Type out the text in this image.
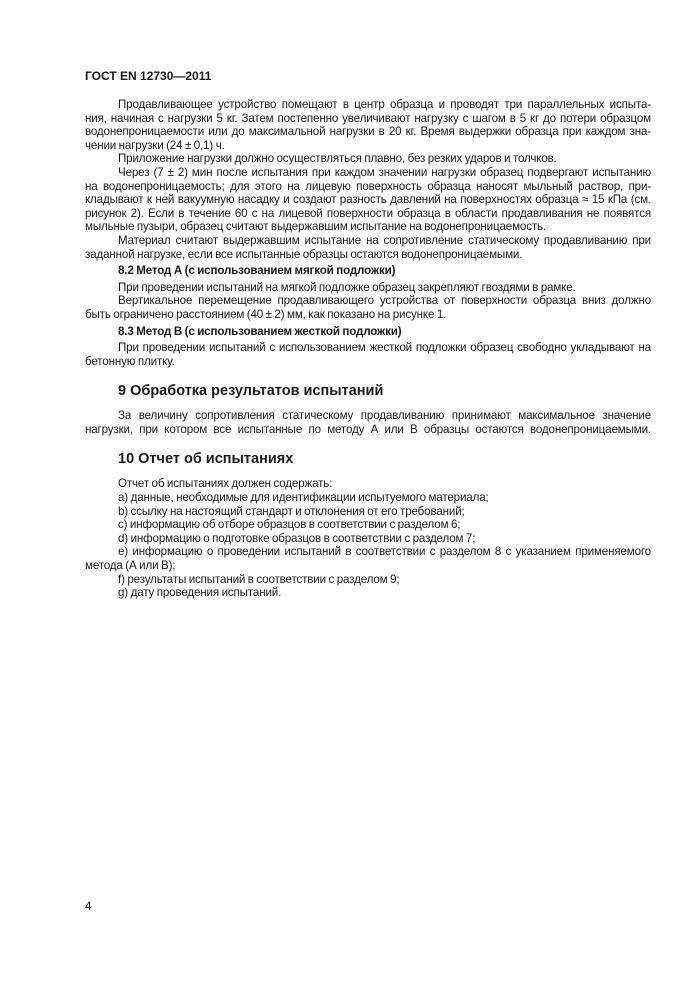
ГОСТ EN 12730—2011
Продавливающее устройство помещают в центр образца и проводят три параллельных испыта-
ния, начиная с нагрузки 5 кг. Затем постепенно увеличивают нагрузку с шагом в 5 кг до потери образцом
водонепроницаемости или до максимальной нагрузки в 20 кг. Время выдержки образца при каждом зна-
чении нагрузки (24 ± 0,1) ч.
Приложение нагрузки должно осуществляться плавно, без резких ударов и толчков.
Через (7 ± 2) мин после испытания при каждом значении нагрузки образец подвергают испытанию
на водонепроницаемость; для этого на лицевую поверхность образца наносят мыльный раствор, при-
кладывают к ней вакуумную насадку и создают разность давлений на поверхностях образца ≈ 15 кПа (см.
рисунок 2). Если в течение 60 с на лицевой поверхности образца в области продавливания не появятся
мыльные пузыри, образец считают выдержавшим испытание на водонепроницаемость.
Материал считают выдержавшим испытание на сопротивление статическому продавливанию при
заданной нагрузке, если все испытанные образцы остаются водонепроницаемыми.
8.2 Метод А (с использованием мягкой подложки)
При проведении испытаний на мягкой подложке образец закрепляют гвоздями в рамке.
Вертикальное перемещение продавливающего устройства от поверхности образца вниз должно
быть ограничено расстоянием (40 ± 2) мм, как показано на рисунке 1.
8.3 Метод В (с использованием жесткой подложки)
При проведении испытаний с использованием жесткой подложки образец свободно укладывают на
бетонную плитку.
9 Обработка результатов испытаний
За величину сопротивления статическому продавливанию принимают максимальное значение
нагрузки, при котором все испытанные по методу А или В образцы остаются водонепроницаемыми.
10 Отчет об испытаниях
Отчет об испытаниях должен содержать:
a) данные, необходимые для идентификации испытуемого материала;
b) ссылку на настоящий стандарт и отклонения от его требований;
c) информацию об отборе образцов в соответствии с разделом 6;
d) информацию о подготовке образцов в соответствии с разделом 7;
e) информацию о проведении испытаний в соответствии с разделом 8 с указанием применяемого
метода (А или В);
f) результаты испытаний в соответствии с разделом 9;
g) дату проведения испытаний.
4
